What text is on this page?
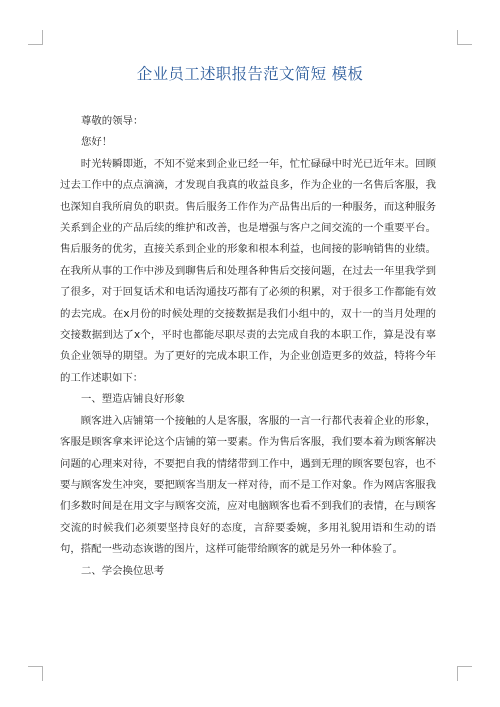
企业员工述职报告范文简短 模板

尊敬的领导：

您好！

时光转瞬即逝，不知不觉来到企业已经一年，忙忙碌碌中时光已近年末。回顾过去工作中的点点滴滴，才发现自我真的收益良多，作为企业的一名售后客服，我也深知自我所肩负的职责。售后服务工作作为产品售出后的一种服务，而这种服务关系到企业的产品后续的维护和改善，也是增强与客户之间交流的一个重要平台。售后服务的优劣，直接关系到企业的形象和根本利益，也间接的影响销售的业绩。在我所从事的工作中涉及到聊售后和处理各种售后交接问题，在过去一年里我学到了很多，对于回复话术和电话沟通技巧都有了必须的积累，对于很多工作都能有效的去完成。在x月份的时候处理的交接数据是我们小组中的，双十一的当月处理的交接数据到达了x个，平时也都能尽职尽责的去完成自我的本职工作，算是没有辜负企业领导的期望。为了更好的完成本职工作，为企业创造更多的效益，特将今年的工作述职如下：

一、塑造店铺良好形象

顾客进入店铺第一个接触的人是客服，客服的一言一行都代表着企业的形象，客服是顾客拿来评论这个店铺的第一要素。作为售后客服，我们要本着为顾客解决问题的心理来对待，不要把自我的情绪带到工作中，遇到无理的顾客要包容，也不要与顾客发生冲突，要把顾客当朋友一样对待，而不是工作对象。作为网店客服我们多数时间是在用文字与顾客交流，应对电脑顾客也看不到我们的表情，在与顾客交流的时候我们必须要坚持良好的态度，言辞要委婉，多用礼貌用语和生动的语句，搭配一些动态诙谐的图片，这样可能带给顾客的就是另外一种体验了。

二、学会换位思考
